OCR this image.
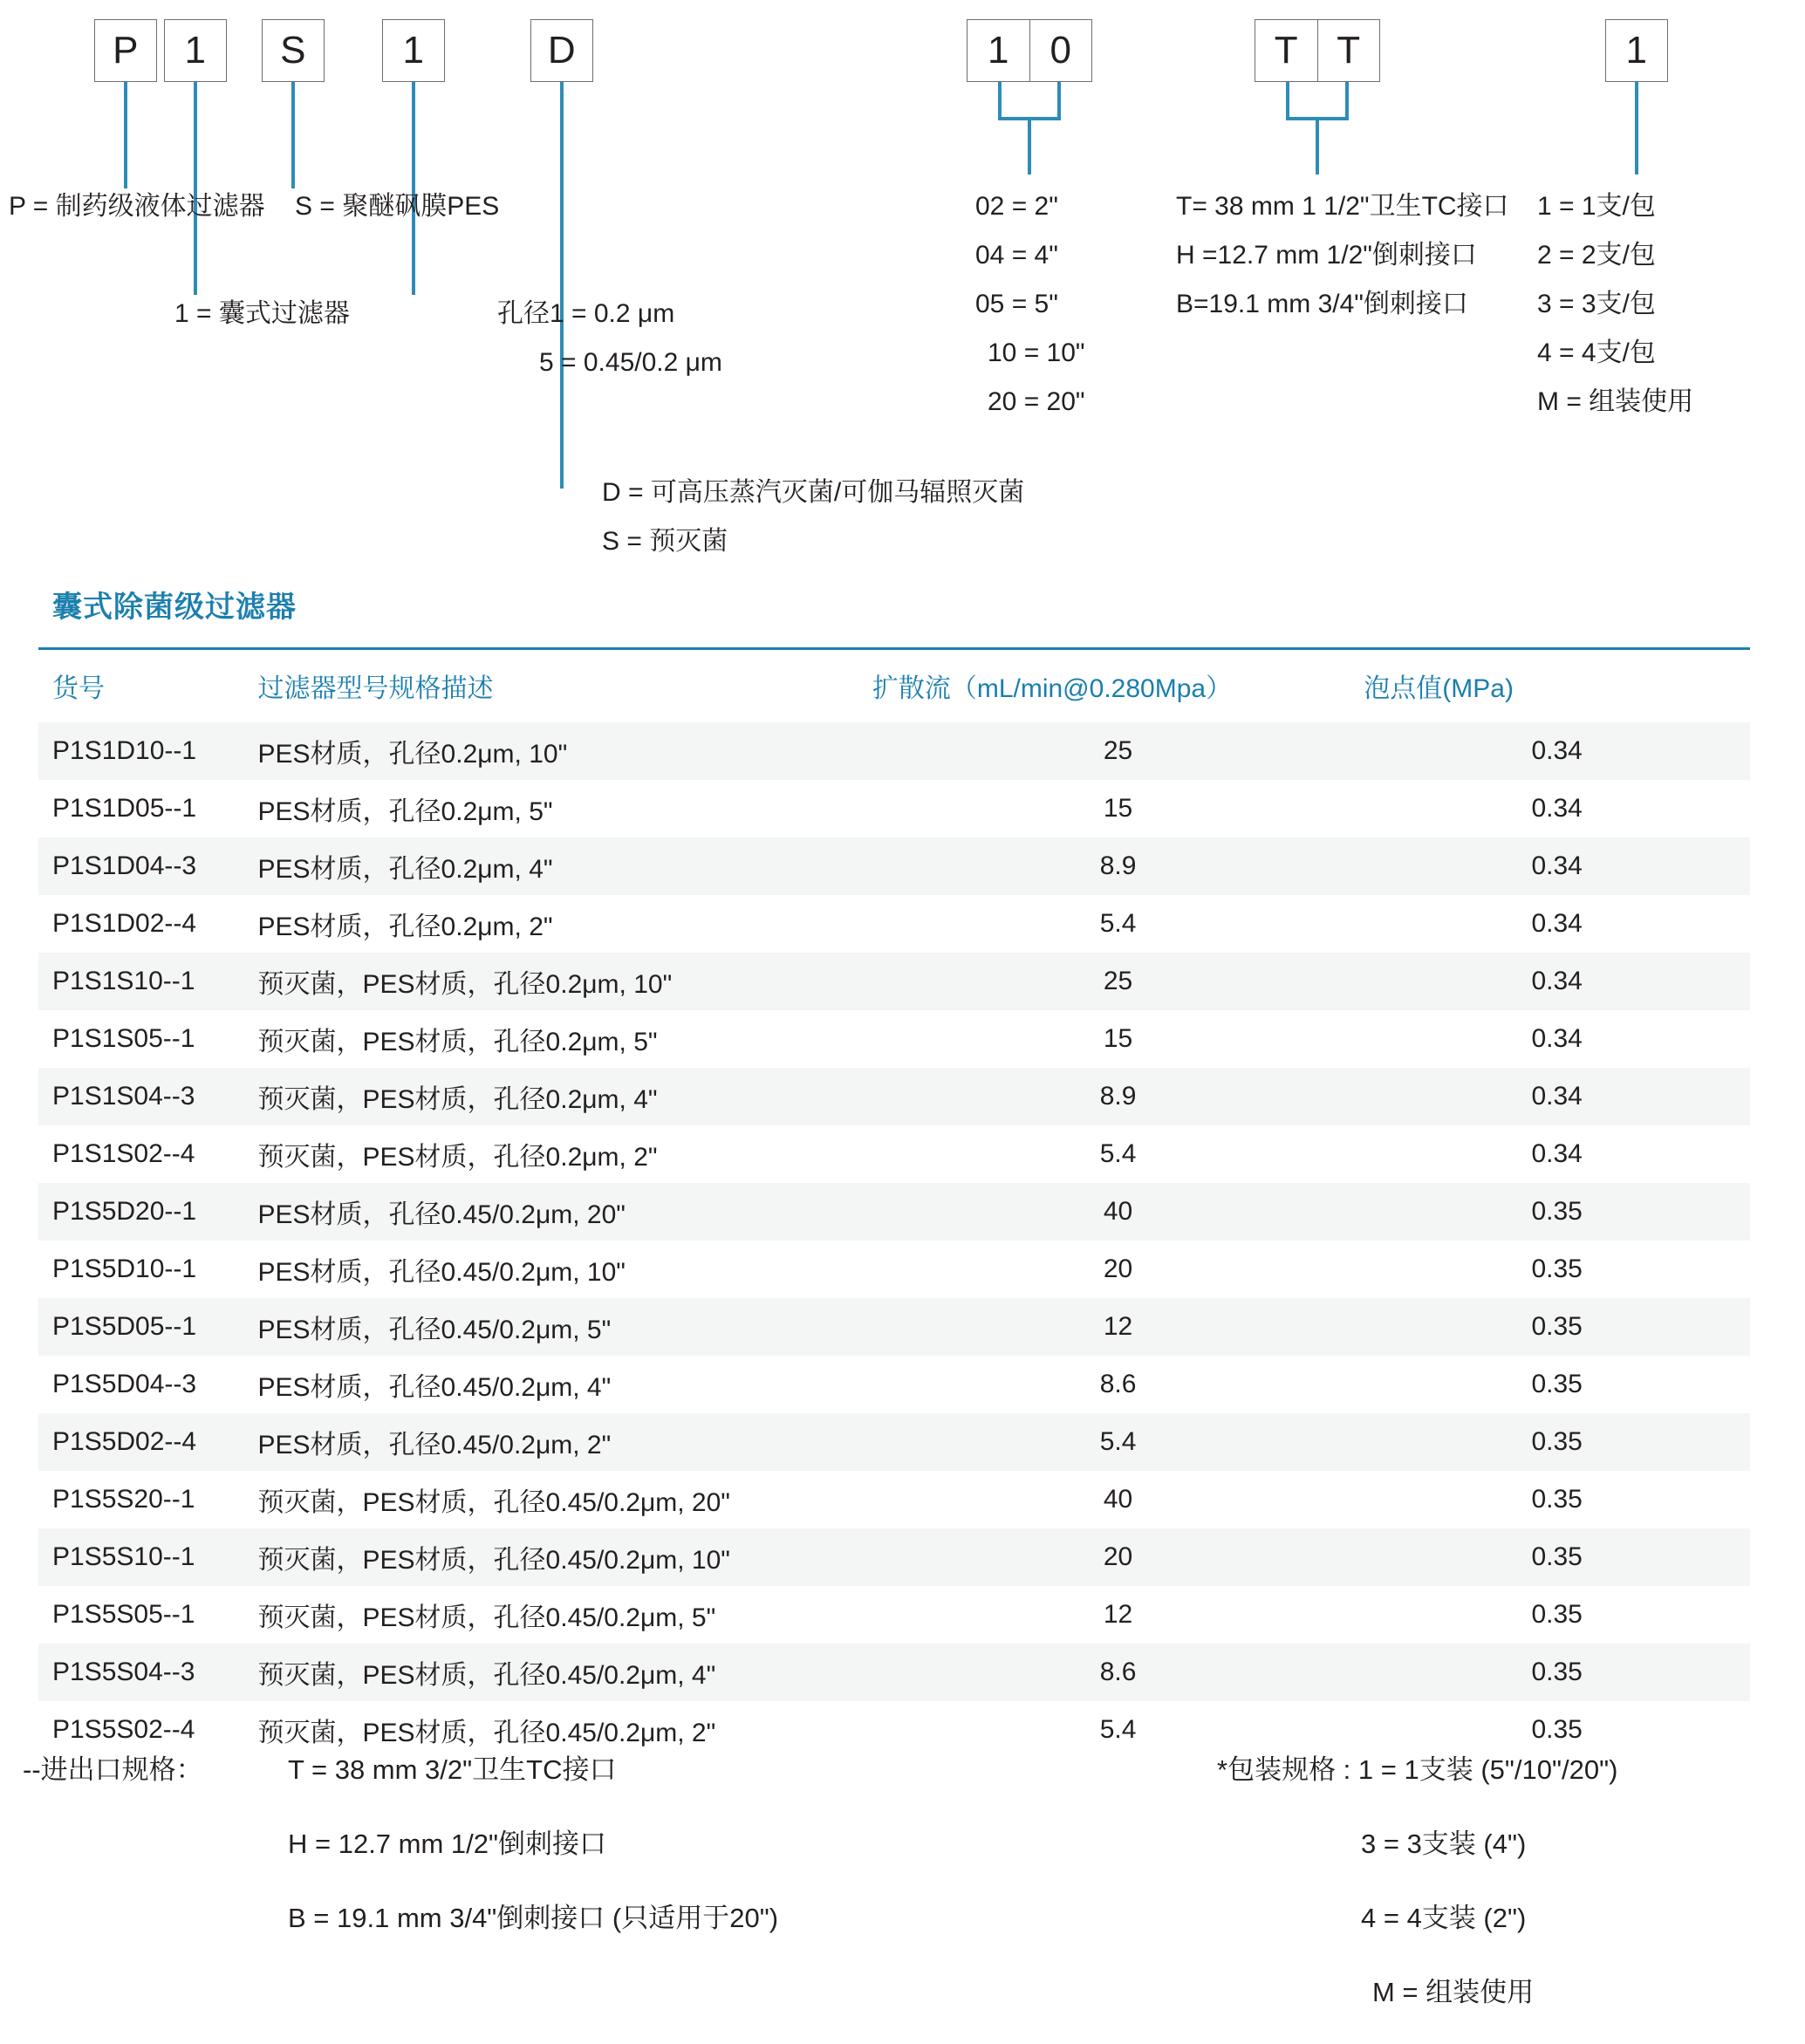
P 1 S	1	D	1	0	T	T	1
P = 制药级液体过滤器
1 = 囊式过滤器
S = 聚醚砜膜PES
孔径1 = 0.2 μm
5 = 0.45/0.2 μm
D = 可高压蒸汽灭菌/可伽马辐照灭菌
S = 预灭菌
02 = 2"
04 = 4"
05 = 5"
10 = 10"
20 = 20"
T= 38 mm 1 1/2"卫生TC接口
H =12.7 mm 1/2"倒刺接口
B=19.1 mm 3/4"倒刺接口
1 = 1支/包
2 = 2支/包
3 = 3支/包
4 = 4支/包
M = 组装使用
囊式除菌级过滤器
货号	过滤器型号规格描述	扩散流（mL/min@0.280Mpa）	泡点值(MPa)
P1S1D10--1	PES材质，孔径0.2μm, 10"	25	0.34
P1S1D05--1	PES材质，孔径0.2μm, 5"	15	0.34
P1S1D04--3	PES材质，孔径0.2μm, 4"	8.9	0.34
P1S1D02--4	PES材质，孔径0.2μm, 2"	5.4	0.34
P1S1S10--1	预灭菌，PES材质，孔径0.2μm, 10"	25	0.34
P1S1S05--1	预灭菌，PES材质，孔径0.2μm, 5"	15	0.34
P1S1S04--3	预灭菌，PES材质，孔径0.2μm, 4"	8.9	0.34
P1S1S02--4	预灭菌，PES材质，孔径0.2μm, 2"	5.4	0.34
P1S5D20--1	PES材质，孔径0.45/0.2μm, 20"	40	0.35
P1S5D10--1	PES材质，孔径0.45/0.2μm, 10"	20	0.35
P1S5D05--1	PES材质，孔径0.45/0.2μm, 5"	12	0.35
P1S5D04--3	PES材质，孔径0.45/0.2μm, 4"	8.6	0.35
P1S5D02--4	PES材质，孔径0.45/0.2μm, 2"	5.4	0.35
P1S5S20--1	预灭菌，PES材质，孔径0.45/0.2μm, 20"	40	0.35
P1S5S10--1	预灭菌，PES材质，孔径0.45/0.2μm, 10"	20	0.35
P1S5S05--1	预灭菌，PES材质，孔径0.45/0.2μm, 5"	12	0.35
P1S5S04--3	预灭菌，PES材质，孔径0.45/0.2μm, 4"	8.6	0.35
P1S5S02--4	预灭菌，PES材质，孔径0.45/0.2μm, 2"	5.4	0.35
--进出口规格：	T = 38 mm 3/2"卫生TC接口
H = 12.7 mm 1/2"倒刺接口
B = 19.1 mm 3/4"倒刺接口 (只适用于20")
*包装规格 : 1 = 1支装 (5"/10"/20")
3 = 3支装 (4")
4 = 4支装 (2")
M = 组装使用
